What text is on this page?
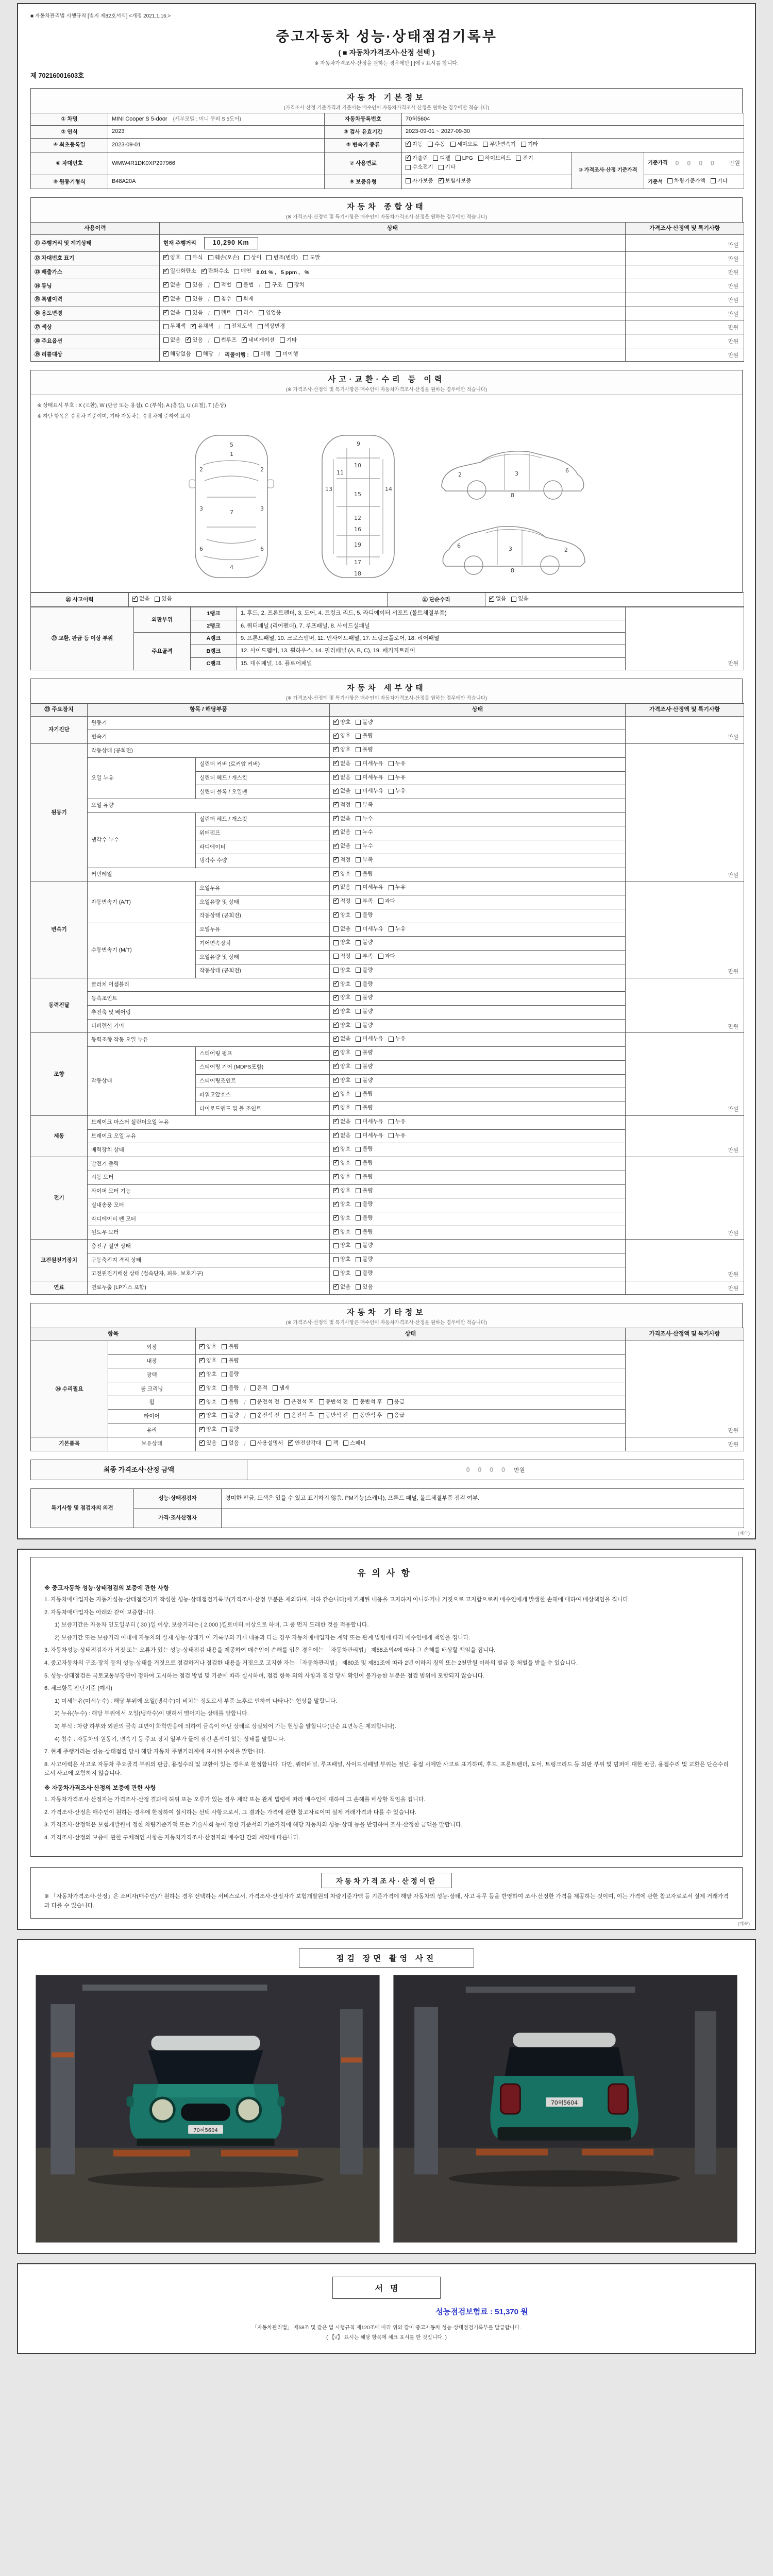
■ 자동차관리법 시행규칙 [별지 제82호서식] <개정 2021.1.16.>
중고자동차 성능·상태점검기록부
( ■ 자동차가격조사·산정 선택 )
※ 자동차가격조사·산정을 원하는 경우에만 [ ]에 √ 표시를 합니다.
제 70216001603호
자동차 기본정보
(가격조사·산정 기준가격과 기준서는 매수인이 자동차가격조사·산정을 원하는 경우에만 적습니다)
① 차명	MINI Cooper S 5-door (세부모델 : 미니 쿠퍼 S 5도어)	자동차등록번호	70허5604		
② 연식	2023	③ 검사 유효기간	2023-09-01 ~ 2027-09-30		
④ 최초등록일	2023-09-01	⑤ 변속기 종류	
✓자동 수동 세미오토 무단변속기 기타

⑥ 차대번호	WMW4R1DK0XP297966	⑦ 사용연료	
✓
가솔린 디젤 LPG 하이브리드 전기
수소전기 기타	⑩ 가격조사·산정 기준가격	
기준가격 0 0 0 0 만원

⑧ 원동기형식	B48A20A	⑨ 보증유형	자가보증 ✓ 보험사보증		기준서 차량기준가액 기타
자동차 종합상태
(※ 가격조사·산정액 및 특기사항은 매수인이 자동차가격조사·산정을 원하는 경우에만 적습니다)
사용이력	상태	가격조사·산정액 및 특기사항
⑪ 주행거리 및 계기상태	현재 주행거리 10,290 Km	만원
⑫ 차대번호 표기	
✓양호 부식 훼손(오손) 상이 변조(변타) 도말	만원
⑬ 배출가스	
✓일산화탄소 ✓ 탄화수소 매연 0.01 % , 5 ppm , %	만원
⑭ 튜닝	
✓없음 있음 / 적법 불법 / 구조 장치	만원
⑮ 특별이력	
✓없음 있음 / 침수 화재	만원
⑯ 용도변경	
✓없음 있음 / 렌트 리스 영업용	만원
⑰ 색상	무채색 ✓ 유채색 / 전체도색 색상변경	만원
⑱ 주요옵션	없음 ✓ 있음 / 썬루프 ✓ 네비게이션 기타	만원
⑲ 리콜대상	
✓해당없음 해당 / 리콜이행 : 이행 미이행	만원
사고·교환·수리 등 이력
(※ 가격조사·산정액 및 특기사항은 매수인이 자동차가격조사·산정을 원하는 경우에만 적습니다)
※ 상태표시 부호 : X (교환), W (판금 또는 용접), C (부식), A (흠집), U (요철), T (손상)
※ 하단 항목은 승용차 기준이며, 기타 자동차는 승용차에 준하여 표시
5
1
2	2
3	3
7
6	6
4
9
10
11
13
15
14
12
16
19
17
18
2	3	6
8
2
3
6
8
⑳ 사고이력	
✓없음 있음	㉑ 단순수리	
✓없음 있음
㉒ 교환, 판금 등 이상 부위	외판부위	1랭크	1. 후드, 2. 프론트펜더, 3. 도어, 4. 트렁크 리드, 5. 라디에이터 서포트 (볼트체결부품)	만원
		2랭크	6. 쿼터패널 (리어펜더), 7. 루프패널, 8. 사이드실패널	
	주요골격	A랭크	9. 프론트패널, 10. 크로스멤버, 11. 인사이드패널, 17. 트렁크플로어, 18. 리어패널	
		B랭크	12. 사이드멤버, 13. 휠하우스, 14. 필러패널 (A, B, C), 19. 패키지트레이	
		C랭크	15. 대쉬패널, 16. 플로어패널	
자동차 세부상태
(※ 가격조사·산정액 및 특기사항은 매수인이 자동차가격조사·산정을 원하는 경우에만 적습니다)
㉓ 주요장치	항목 / 해당부품		상태	가격조사·산정액 및 특기사항
자기진단	원동기	
✓양호 불량	만원
	변속기	
✓양호 불량

원동기	작동상태 (공회전)	
✓양호 불량	만원
	오일 누유	실린더 커버 (로커암 커버)	
✓없음 미세누유 누유

		실린더 헤드 / 개스킷	
✓없음 미세누유 누유

		실린더 블록 / 오일팬	
✓없음 미세누유 누유

	오일 유량	
✓적정 부족

	냉각수 누수	실린더 헤드 / 개스킷	
✓없음 누수

		워터펌프	
✓없음 누수

		라디에이터	
✓없음 누수

		냉각수 수량	
✓적정 부족

	커먼레일	
✓양호 불량

변속기	자동변속기 (A/T)	오일누유	
✓없음 미세누유 누유	만원
		오일유량 및 상태	
✓적정 부족 과다

		작동상태 (공회전)	
✓양호 불량

	수동변속기 (M/T)	오일누유	없음 미세누유 누유	

		기어변속장치	양호 불량	

		오일유량 및 상태	적정 부족 과다	

		작동상태 (공회전)	양호 불량	

동력전달	클러치 어셈블리	
✓양호 불량	만원
	등속조인트	
✓양호 불량

	추진축 및 베어링	
✓양호 불량

	디퍼렌셜 기어	
✓양호 불량

조향	동력조향 작동 오일 누유	
✓없음 미세누유 누유	만원
	작동상태	스티어링 펌프	
✓양호 불량

		스티어링 기어 (MDPS포함)	
✓양호 불량

		스티어링조인트	
✓양호 불량

		파워고압호스	
✓양호 불량

		타이로드엔드 및 볼 조인트	
✓양호 불량

제동	브레이크 마스터 실린더오일 누유	
✓없음 미세누유 누유	만원
	브레이크 오일 누유	
✓없음 미세누유 누유

	배력장치 상태	
✓양호 불량

전기	발전기 출력	
✓양호 불량	만원
	시동 모터	
✓양호 불량

	와이퍼 모터 기능	
✓양호 불량

	실내송풍 모터	
✓양호 불량

	라디에이터 팬 모터	
✓양호 불량

	윈도우 모터	
✓양호 불량

고전원전기장치	충전구 절연 상태		양호 불량	만원
	구동축전지 격리 상태		양호 불량	

	고전원전기배선 상태 (접속단자, 피복, 보호기구)		양호 불량	

연료	연료누출 (LP가스 포함)	
✓없음 있음	만원
자동차 기타정보
(※ 가격조사·산정액 및 특기사항은 매수인이 자동차가격조사·산정을 원하는 경우에만 적습니다)
항목		상태	가격조사·산정액 및 특기사항
㉔ 수리필요	외장	
✓양호 불량	만원
	내장	
✓양호 불량

	광택	
✓양호 불량

	룸 크리닝	
✓양호 불량 / 흔적 냄새

휠	
✓양호 불량 / 운전석 전 운전석 후 동반석 전 동반석 후 응급

타이어	
✓양호 불량 / 운전석 전 운전석 후 동반석 전 동반석 후 응급

	유리	
✓양호 불량

기본품목	보유상태	
✓있음 없음 / 사용설명서 ✓ 안전삼각대 잭 스패너	만원
최종 가격조사·산정 금액	0 0 0 0 만원
특기사항 및 점검자의 의견	성능·상태점검자	경미한 판금, 도색은 있을 수 있고 표기하지 않음. PM기능(스캐너), 프론트 패널, 볼트체결부품 점검 여부.
	가격·조사산정자	
(계속)
유의사항
※ 중고자동차 성능·상태점검의 보증에 관한 사항
1. 자동차매매업자는 자동차성능·상태점검자가 작성한 성능·상태점검기록부(가격조사·산정 부분은 제외하며, 이하 같습니다)에 기재된 내용을 고지하지 아니하거나 거짓으로 고지함으로써 매수인에게 발생한 손해에 대하여 배상책임을 집니다.
2. 자동차매매업자는 아래와 같이 보증합니다.
1) 보증기간은 자동차 인도일부터 ( 30 )일 이상, 보증거리는 ( 2,000 )킬로미터 이상으로 하며, 그 중 먼저 도래한 것을 적용합니다.
2) 보증기간 또는 보증거리 이내에 자동차의 실제 성능·상태가 이 기록부의 기재 내용과 다른 경우 자동차매매업자는 계약 또는 관계 법령에 따라 매수인에게 책임을 집니다.
3. 자동차성능·상태점검자가 거짓 또는 오류가 있는 성능·상태점검 내용을 제공하여 매수인이 손해를 입은 경우에는 「자동차관리법」 제58조의4에 따라 그 손해를 배상할 책임을 집니다.
4. 중고자동차의 구조·장치 등의 성능·상태를 거짓으로 점검하거나 점검한 내용을 거짓으로 고지한 자는 「자동차관리법」 제80조 및 제81조에 따라 2년 이하의 징역 또는 2천만원 이하의 벌금 등 처벌을 받을 수 있습니다.
5. 성능·상태점검은 국토교통부장관이 정하여 고시하는 점검 방법 및 기준에 따라 실시하며, 점검 항목 외의 사항과 점검 당시 확인이 불가능한 부분은 점검 범위에 포함되지 않습니다.
6. 체크항목 판단기준 (예시)
1) 미세누유(미세누수) : 해당 부위에 오일(냉각수)이 비치는 정도로서 부품 노후로 인하여 나타나는 현상을 말합니다.
2) 누유(누수) : 해당 부위에서 오일(냉각수)이 맺혀서 떨어지는 상태를 말합니다.
3) 부식 : 차량 하부와 외판의 금속 표면이 화학반응에 의하여 금속이 아닌 상태로 상실되어 가는 현상을 말합니다(단순 표면녹은 제외합니다).
4) 침수 : 자동차의 원동기, 변속기 등 주요 장치 일부가 물에 잠긴 흔적이 있는 상태를 말합니다.
7. 현재 주행거리는 성능·상태점검 당시 해당 자동차 주행거리계에 표시된 수치를 말합니다.
8. 사고이력은 사고로 자동차 주요골격 부위의 판금, 용접수리 및 교환이 있는 경우로 한정합니다. 다만, 쿼터패널, 루프패널, 사이드실패널 부위는 절단, 용접 시에만 사고로 표기하며, 후드, 프론트펜더, 도어, 트렁크리드 등 외판 부위 및 범퍼에 대한 판금, 용접수리 및 교환은 단순수리로서 사고에 포함하지 않습니다.
※ 자동차가격조사·산정의 보증에 관한 사항
1. 자동차가격조사·산정자는 가격조사·산정 결과에 허위 또는 오류가 있는 경우 계약 또는 관계 법령에 따라 매수인에 대하여 그 손해를 배상할 책임을 집니다.
2. 가격조사·산정은 매수인이 원하는 경우에 한정하여 실시하는 선택 사항으로서, 그 결과는 가격에 관한 참고자료이며 실제 거래가격과 다를 수 있습니다.
3. 가격조사·산정액은 보험개발원이 정한 차량기준가액 또는 기술사회 등이 정한 기준서의 기준가격에 해당 자동차의 성능·상태 등을 반영하여 조사·산정한 금액을 말합니다.
4. 가격조사·산정의 보증에 관한 구체적인 사항은 자동차가격조사·산정자와 매수인 간의 계약에 따릅니다.
자동차가격조사·산정이란
※ 「자동차가격조사·산정」은 소비자(매수인)가 원하는 경우 선택하는 서비스로서, 가격조사·산정자가 보험개발원의 차량기준가액 등 기준가격에 해당 자동차의 성능·상태, 사고 유무 등을 반영하여 조사·산정한 가격을 제공하는 것이며, 이는 가격에 관한 참고자료로서 실제 거래가격과 다를 수 있습니다.
(계속)
점검 장면 촬영 사진
70허5604
70허5604
서명
성능점검보험료 : 51,370 원
「자동차관리법」 제58조 및 같은 법 시행규칙 제120조에 따라 위와 같이 중고자동차 성능·상태점검기록부를 발급합니다.
( 【√】 표시는 해당 항목에 체크 표시를 한 것입니다. )
